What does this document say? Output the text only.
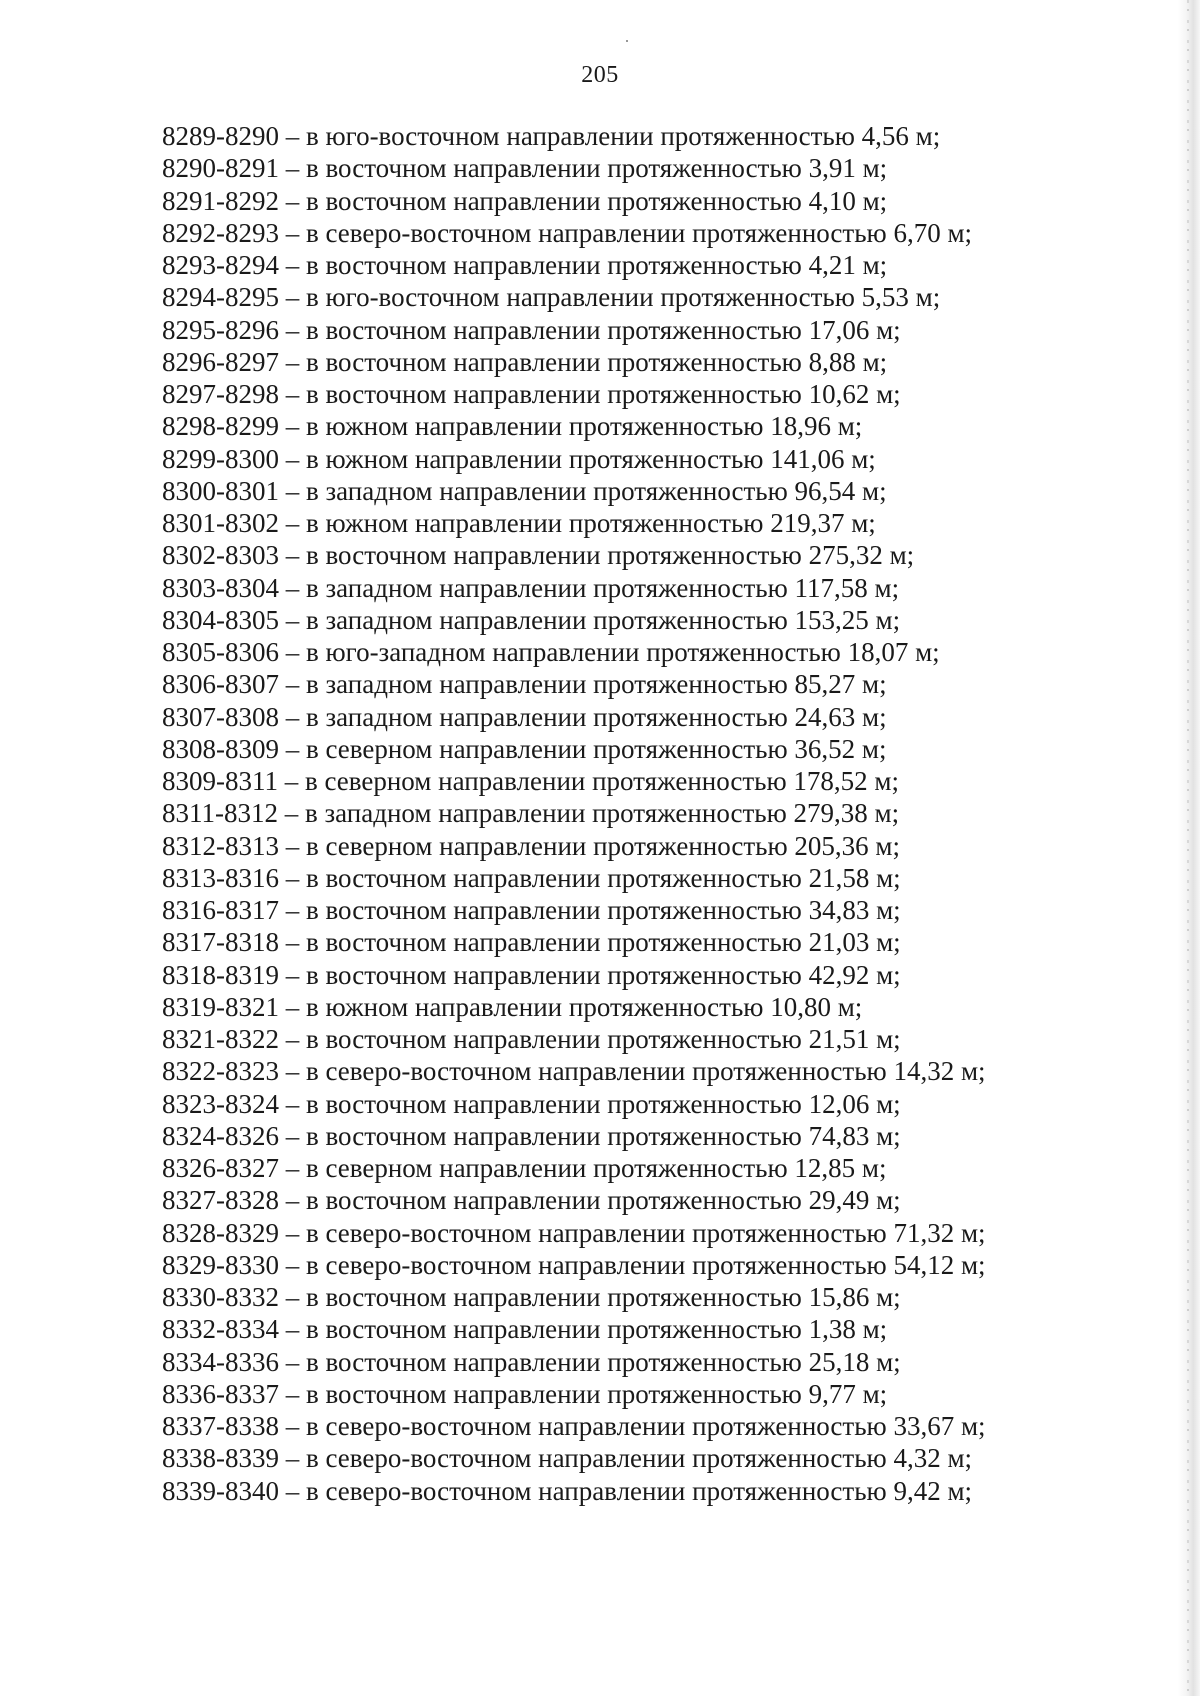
205
8289-8290 – в юго-восточном направлении протяженностью 4,56 м;
8290-8291 – в восточном направлении протяженностью 3,91 м;
8291-8292 – в восточном направлении протяженностью 4,10 м;
8292-8293 – в северо-восточном направлении протяженностью 6,70 м;
8293-8294 – в восточном направлении протяженностью 4,21 м;
8294-8295 – в юго-восточном направлении протяженностью 5,53 м;
8295-8296 – в восточном направлении протяженностью 17,06 м;
8296-8297 – в восточном направлении протяженностью 8,88 м;
8297-8298 – в восточном направлении протяженностью 10,62 м;
8298-8299 – в южном направлении протяженностью 18,96 м;
8299-8300 – в южном направлении протяженностью 141,06 м;
8300-8301 – в западном направлении протяженностью 96,54 м;
8301-8302 – в южном направлении протяженностью 219,37 м;
8302-8303 – в восточном направлении протяженностью 275,32 м;
8303-8304 – в западном направлении протяженностью 117,58 м;
8304-8305 – в западном направлении протяженностью 153,25 м;
8305-8306 – в юго-западном направлении протяженностью 18,07 м;
8306-8307 – в западном направлении протяженностью 85,27 м;
8307-8308 – в западном направлении протяженностью 24,63 м;
8308-8309 – в северном направлении протяженностью 36,52 м;
8309-8311 – в северном направлении протяженностью 178,52 м;
8311-8312 – в западном направлении протяженностью 279,38 м;
8312-8313 – в северном направлении протяженностью 205,36 м;
8313-8316 – в восточном направлении протяженностью 21,58 м;
8316-8317 – в восточном направлении протяженностью 34,83 м;
8317-8318 – в восточном направлении протяженностью 21,03 м;
8318-8319 – в восточном направлении протяженностью 42,92 м;
8319-8321 – в южном направлении протяженностью 10,80 м;
8321-8322 – в восточном направлении протяженностью 21,51 м;
8322-8323 – в северо-восточном направлении протяженностью 14,32 м;
8323-8324 – в восточном направлении протяженностью 12,06 м;
8324-8326 – в восточном направлении протяженностью 74,83 м;
8326-8327 – в северном направлении протяженностью 12,85 м;
8327-8328 – в восточном направлении протяженностью 29,49 м;
8328-8329 – в северо-восточном направлении протяженностью 71,32 м;
8329-8330 – в северо-восточном направлении протяженностью 54,12 м;
8330-8332 – в восточном направлении протяженностью 15,86 м;
8332-8334 – в восточном направлении протяженностью 1,38 м;
8334-8336 – в восточном направлении протяженностью 25,18 м;
8336-8337 – в восточном направлении протяженностью 9,77 м;
8337-8338 – в северо-восточном направлении протяженностью 33,67 м;
8338-8339 – в северо-восточном направлении протяженностью 4,32 м;
8339-8340 – в северо-восточном направлении протяженностью 9,42 м;
